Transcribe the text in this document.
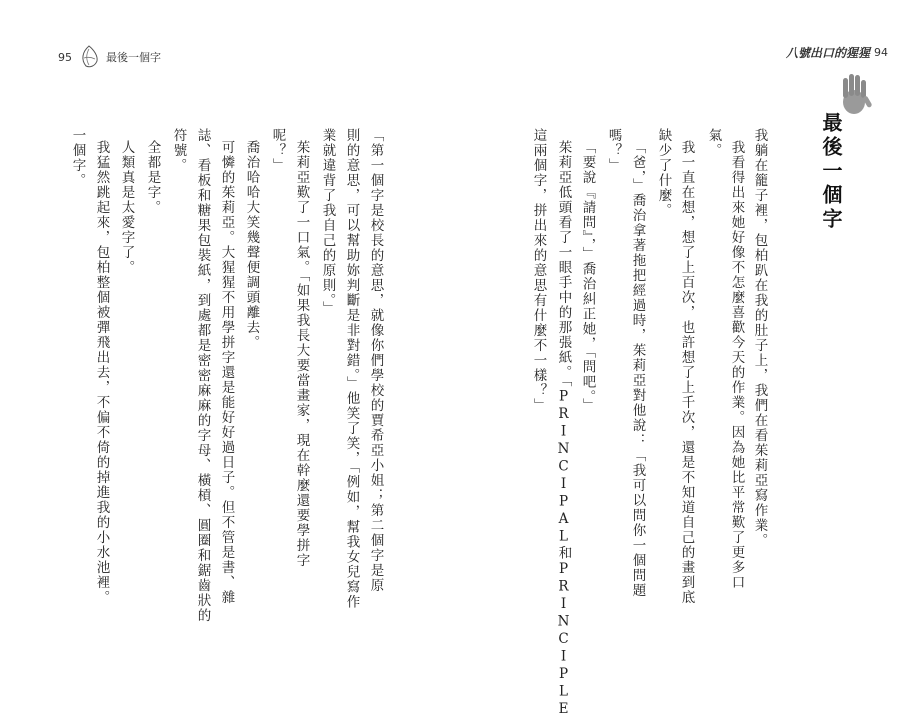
95	最後一個字	八號出口的猩猩 94
最後一個字
我躺在籠子裡，包柏趴在我的肚子上，我們在看茱莉亞寫作業。
我看得出來她好像不怎麼喜歡今天的作業。因為她比平常歎了更多口
氣。
我一直在想，想了上百次，也許想了上千次，還是不知道自己的畫到底
缺少了什麼。
「爸，」喬治拿著拖把經過時，茱莉亞對他說：「我可以問你一個問題
嗎？」
「要說『請問』，」喬治糾正她，「問吧。」
茱莉亞低頭看了一眼手中的那張紙。「PRINCIPAL和PRINCIPLE
這兩個字，拼出來的意思有什麼不一樣？」
「第一個字是校長的意思，就像你們學校的賈希亞小姐；第二個字是原
則的意思，可以幫助妳判斷是非對錯。」他笑了笑，「例如，幫我女兒寫作
業就違背了我自己的原則。」
茱莉亞歎了一口氣。「如果我長大要當畫家，現在幹麼還要學拼字
呢？」
喬治哈哈大笑幾聲便調頭離去。
可憐的茱莉亞。大猩猩不用學拼字還是能好好過日子。但不管是書、雜
誌、看板和糖果包裝紙，到處都是密密麻麻的字母、橫槓、圓圈和鋸齒狀的
符號。
全都是字。
人類真是太愛字了。
我猛然跳起來，包柏整個被彈飛出去，不偏不倚的掉進我的小水池裡。
一個字。
